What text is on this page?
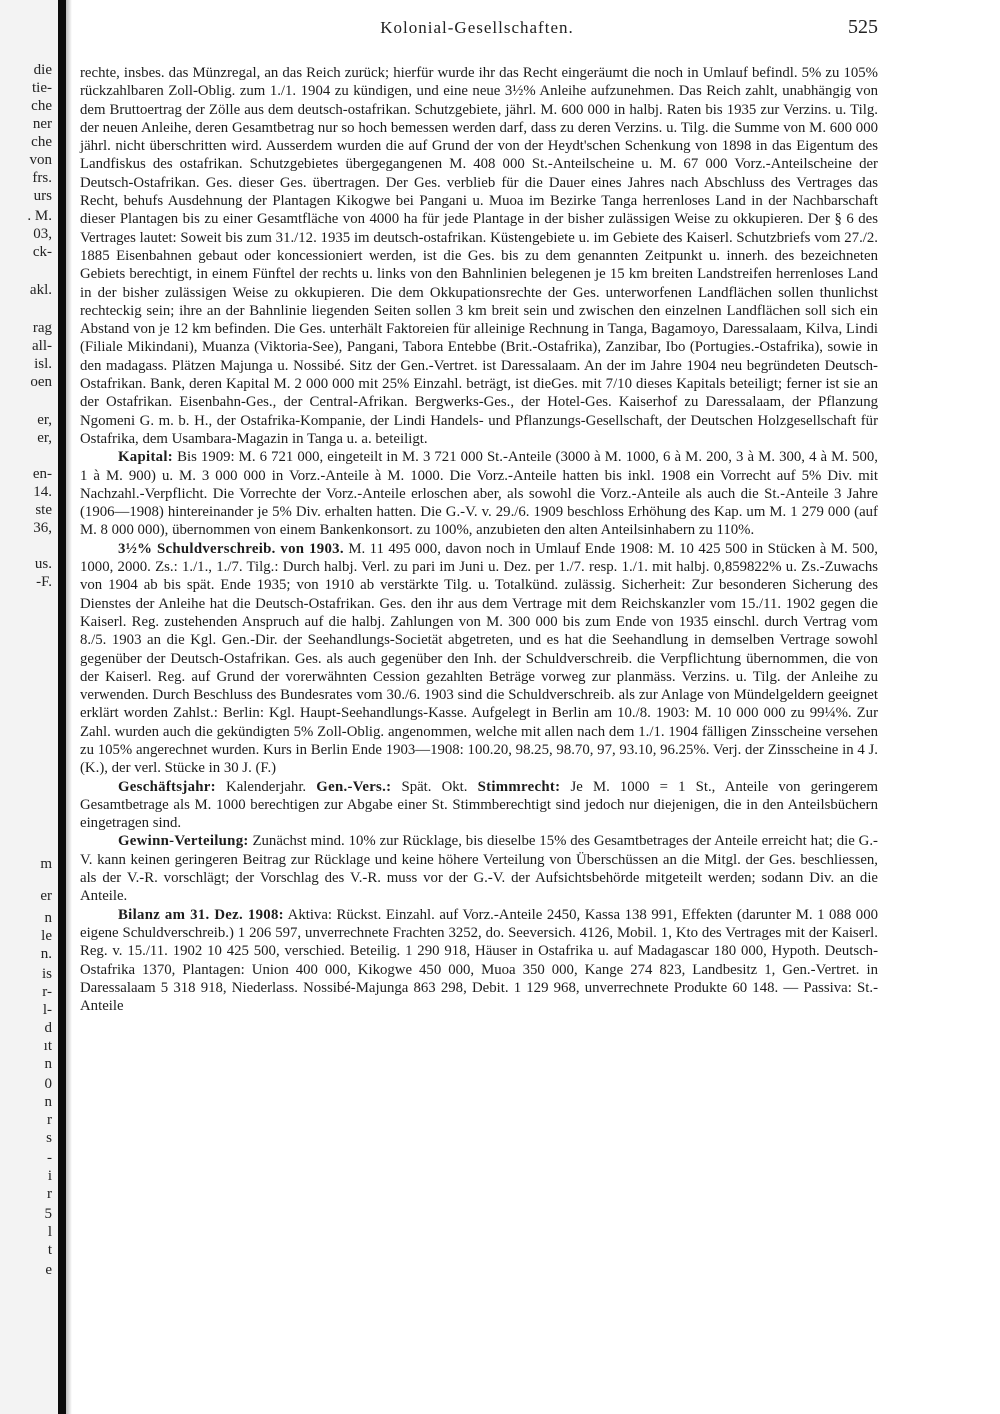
die
tie-
che
ner
che
von
frs.
urs
. M.
03,
ck-
akl.
rag
all-
isl.
oen
er,
er,
en-
14.
ste
36,
us.
-F.
m
er
n
le
n.
is
r-
l-
d
ıt
n
0
n
r
s
-
i
r
5
l
t
e
Kolonial-Gesellschaften.	525

rechte, insbes. das Münzregal, an das Reich zurück; hierfür wurde ihr das Recht eingeräumt die noch in Umlauf befindl. 5% zu 105% rückzahlbaren Zoll-Oblig. zum 1./1. 1904 zu kündigen, und eine neue 3½% Anleihe aufzunehmen. Das Reich zahlt, unabhängig von dem Bruttoertrag der Zölle aus dem deutsch-ostafrikan. Schutzgebiete, jährl. M. 600 000 in halbj. Raten bis 1935 zur Verzins. u. Tilg. der neuen Anleihe, deren Gesamtbetrag nur so hoch bemessen werden darf, dass zu deren Verzins. u. Tilg. die Summe von M. 600 000 jährl. nicht überschritten wird. Ausserdem wurden die auf Grund der von der Heydt'schen Schenkung von 1898 in das Eigentum des Landfiskus des ostafrikan. Schutzgebietes übergegangenen M. 408 000 St.-Anteilscheine u. M. 67 000 Vorz.-Anteilscheine der Deutsch-Ostafrikan. Ges. dieser Ges. übertragen. Der Ges. verblieb für die Dauer eines Jahres nach Abschluss des Vertrages das Recht, behufs Ausdehnung der Plantagen Kikogwe bei Pangani u. Muoa im Bezirke Tanga herrenloses Land in der Nachbarschaft dieser Plantagen bis zu einer Gesamtfläche von 4000 ha für jede Plantage in der bisher zulässigen Weise zu okkupieren. Der § 6 des Vertrages lautet: Soweit bis zum 31./12. 1935 im deutsch-ostafrikan. Küstengebiete u. im Gebiete des Kaiserl. Schutzbriefs vom 27./2. 1885 Eisenbahnen gebaut oder koncessioniert werden, ist die Ges. bis zu dem genannten Zeitpunkt u. innerh. des bezeichneten Gebiets berechtigt, in einem Fünftel der rechts u. links von den Bahnlinien belegenen je 15 km breiten Landstreifen herrenloses Land in der bisher zulässigen Weise zu okkupieren. Die dem Okkupationsrechte der Ges. unterworfenen Landflächen sollen thunlichst rechteckig sein; ihre an der Bahnlinie liegenden Seiten sollen 3 km breit sein und zwischen den einzelnen Landflächen soll sich ein Abstand von je 12 km befinden. Die Ges. unterhält Faktoreien für alleinige Rechnung in Tanga, Bagamoyo, Daressalaam, Kilva, Lindi (Filiale Mikindani), Muanza (Viktoria-See), Pangani, Tabora Entebbe (Brit.-Ostafrika), Zanzibar, Ibo (Portugies.-Ostafrika), sowie in den madagass. Plätzen Majunga u. Nossibé. Sitz der Gen.-Vertret. ist Daressalaam. An der im Jahre 1904 neu begründeten Deutsch-Ostafrikan. Bank, deren Kapital M. 2 000 000 mit 25% Einzahl. beträgt, ist dieGes. mit 7/10 dieses Kapitals beteiligt; ferner ist sie an der Ostafrikan. Eisenbahn-Ges., der Central-Afrikan. Bergwerks-Ges., der Hotel-Ges. Kaiserhof zu Daressalaam, der Pflanzung Ngomeni G. m. b. H., der Ostafrika-Kompanie, der Lindi Handels- und Pflanzungs-Gesellschaft, der Deutschen Holzgesellschaft für Ostafrika, dem Usambara-Magazin in Tanga u. a. beteiligt.

Kapital: Bis 1909: M. 6 721 000, eingeteilt in M. 3 721 000 St.-Anteile (3000 à M. 1000, 6 à M. 200, 3 à M. 300, 4 à M. 500, 1 à M. 900) u. M. 3 000 000 in Vorz.-Anteile à M. 1000. Die Vorz.-Anteile hatten bis inkl. 1908 ein Vorrecht auf 5% Div. mit Nachzahl.-Verpflicht. Die Vorrechte der Vorz.-Anteile erloschen aber, als sowohl die Vorz.-Anteile als auch die St.-Anteile 3 Jahre (1906—1908) hintereinander je 5% Div. erhalten hatten. Die G.-V. v. 29./6. 1909 beschloss Erhöhung des Kap. um M. 1 279 000 (auf M. 8 000 000), übernommen von einem Bankenkonsort. zu 100%, anzubieten den alten Anteilsinhabern zu 110%.

3½% Schuldverschreib. von 1903. M. 11 495 000, davon noch in Umlauf Ende 1908: M. 10 425 500 in Stücken à M. 500, 1000, 2000. Zs.: 1./1., 1./7. Tilg.: Durch halbj. Verl. zu pari im Juni u. Dez. per 1./7. resp. 1./1. mit halbj. 0,859822% u. Zs.-Zuwachs von 1904 ab bis spät. Ende 1935; von 1910 ab verstärkte Tilg. u. Totalkünd. zulässig. Sicherheit: Zur besonderen Sicherung des Dienstes der Anleihe hat die Deutsch-Ostafrikan. Ges. den ihr aus dem Vertrage mit dem Reichskanzler vom 15./11. 1902 gegen die Kaiserl. Reg. zustehenden Anspruch auf die halbj. Zahlungen von M. 300 000 bis zum Ende von 1935 einschl. durch Vertrag vom 8./5. 1903 an die Kgl. Gen.-Dir. der Seehandlungs-Societät abgetreten, und es hat die Seehandlung in demselben Vertrage sowohl gegenüber der Deutsch-Ostafrikan. Ges. als auch gegenüber den Inh. der Schuldverschreib. die Verpflichtung übernommen, die von der Kaiserl. Reg. auf Grund der vorerwähnten Cession gezahlten Beträge vorweg zur planmäss. Verzins. u. Tilg. der Anleihe zu verwenden. Durch Beschluss des Bundesrates vom 30./6. 1903 sind die Schuldverschreib. als zur Anlage von Mündelgeldern geeignet erklärt worden Zahlst.: Berlin: Kgl. Haupt-Seehandlungs-Kasse. Aufgelegt in Berlin am 10./8. 1903: M. 10 000 000 zu 99¼%. Zur Zahl. wurden auch die gekündigten 5% Zoll-Oblig. angenommen, welche mit allen nach dem 1./1. 1904 fälligen Zinsscheine versehen zu 105% angerechnet wurden. Kurs in Berlin Ende 1903—1908: 100.20, 98.25, 98.70, 97, 93.10, 96.25%. Verj. der Zinsscheine in 4 J. (K.), der verl. Stücke in 30 J. (F.)

Geschäftsjahr: Kalenderjahr. Gen.-Vers.: Spät. Okt. Stimmrecht: Je M. 1000 = 1 St., Anteile von geringerem Gesamtbetrage als M. 1000 berechtigen zur Abgabe einer St. Stimmberechtigt sind jedoch nur diejenigen, die in den Anteilsbüchern eingetragen sind.

Gewinn-Verteilung: Zunächst mind. 10% zur Rücklage, bis dieselbe 15% des Gesamtbetrages der Anteile erreicht hat; die G.-V. kann keinen geringeren Beitrag zur Rücklage und keine höhere Verteilung von Überschüssen an die Mitgl. der Ges. beschliessen, als der V.-R. vorschlägt; der Vorschlag des V.-R. muss vor der G.-V. der Aufsichtsbehörde mitgeteilt werden; sodann Div. an die Anteile.

Bilanz am 31. Dez. 1908: Aktiva: Rückst. Einzahl. auf Vorz.-Anteile 2450, Kassa 138 991, Effekten (darunter M. 1 088 000 eigene Schuldverschreib.) 1 206 597, unverrechnete Frachten 3252, do. Seeversich. 4126, Mobil. 1, Kto des Vertrages mit der Kaiserl. Reg. v. 15./11. 1902 10 425 500, verschied. Beteilig. 1 290 918, Häuser in Ostafrika u. auf Madagascar 180 000, Hypoth. Deutsch-Ostafrika 1370, Plantagen: Union 400 000, Kikogwe 450 000, Muoa 350 000, Kange 274 823, Landbesitz 1, Gen.-Vertret. in Daressalaam 5 318 918, Niederlass. Nossibé-Majunga 863 298, Debit. 1 129 968, unverrechnete Produkte 60 148. — Passiva: St.-Anteile
